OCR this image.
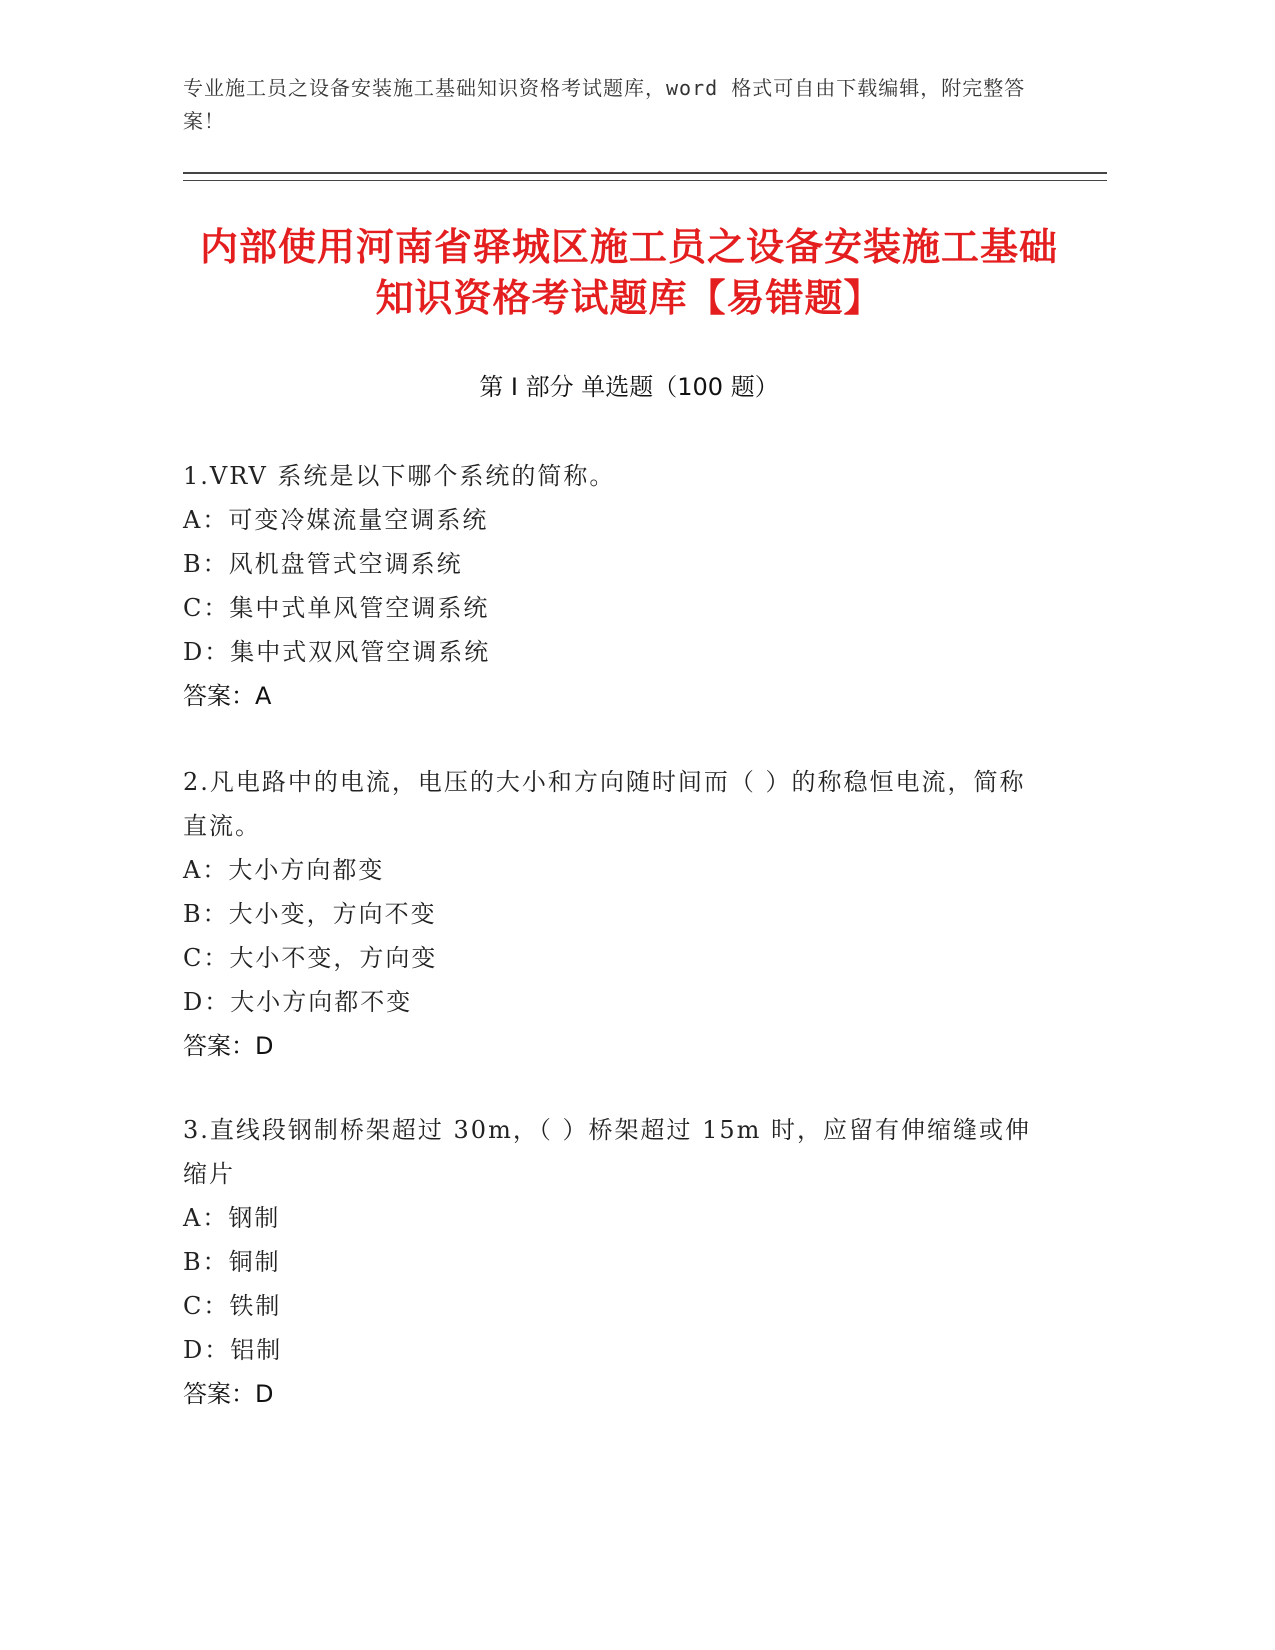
专业施工员之设备安装施工基础知识资格考试题库，word 格式可自由下载编辑，附完整答案！
内部使用河南省驿城区施工员之设备安装施工基础知识资格考试题库【易错题】
第 I 部分 单选题（100 题）
1.VRV 系统是以下哪个系统的简称。
A：可变冷媒流量空调系统
B：风机盘管式空调系统
C：集中式单风管空调系统
D：集中式双风管空调系统
答案：A
2.凡电路中的电流，电压的大小和方向随时间而（ ）的称稳恒电流，简称直流。
A：大小方向都变
B：大小变，方向不变
C：大小不变，方向变
D：大小方向都不变
答案：D
3.直线段钢制桥架超过 30m，（ ）桥架超过 15m 时，应留有伸缩缝或伸缩片
A：钢制
B：铜制
C：铁制
D：铝制
答案：D
